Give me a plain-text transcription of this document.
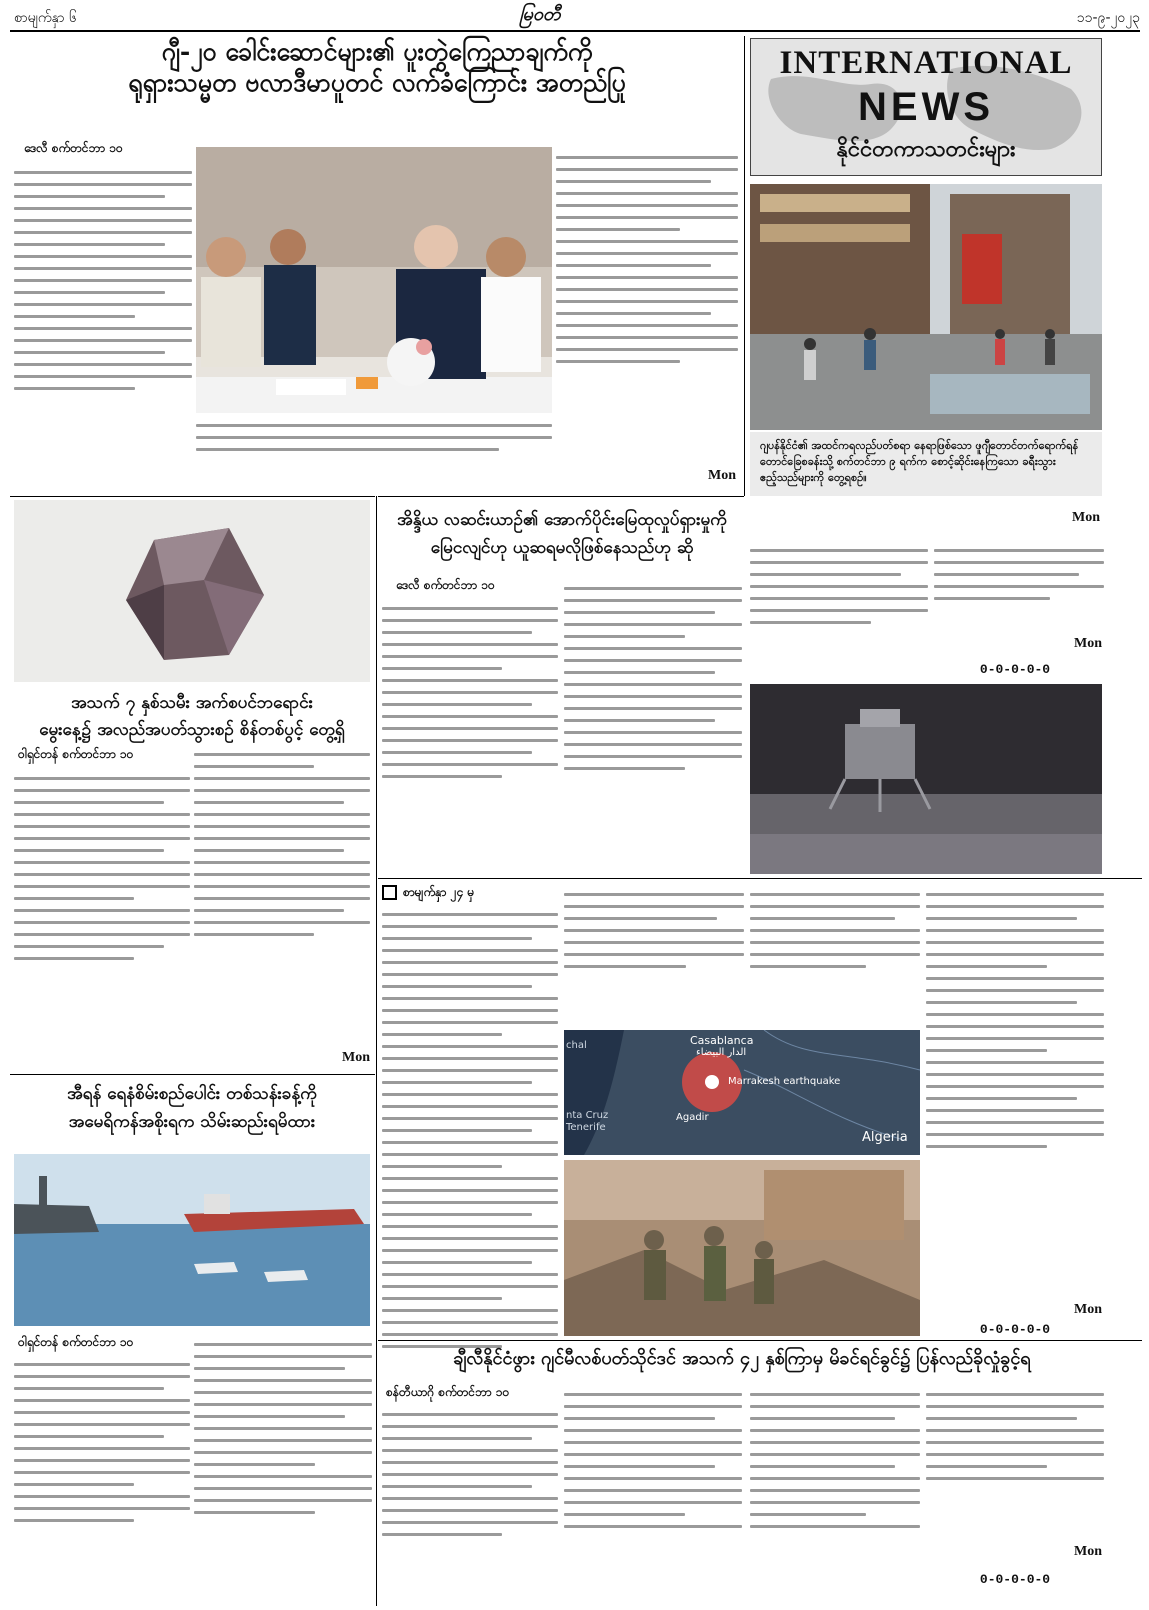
စာမျက်နှာ ၆	မြဝတီ	၁၁-၉-၂၀၂၃
ဂျီ-၂၀ ခေါင်းဆောင်များ၏ ပူးတွဲကြေညာချက်ကို
ရုရှားသမ္မတ ဗလာဒီမာပူတင် လက်ခံကြောင်း အတည်ပြု
ဒေလီ စက်တင်ဘာ ၁၀
Mon
INTERNATIONAL
NEWS
နိုင်ငံတကာသတင်းများ
ဂျပန်နိုင်ငံ၏ အထင်ကရလည်ပတ်စရာ နေရာဖြစ်သော ဖူဂျီတောင်တက်ရောက်ရန် တောင်ခြေစခန်းသို့ စက်တင်ဘာ ၉ ရက်က စောင့်ဆိုင်းနေကြသော ခရီးသွားဧည့်သည်များကို တွေ့ရစဉ်။
Mon
အသက် ၇ နှစ်သမီး အက်စပင်ဘရောင်း
မွေးနေ့၌ အလည်အပတ်သွားစဉ် စိန်တစ်ပွင့် တွေ့ရှိ
ဝါရှင်တန် စက်တင်ဘာ ၁၀
Mon
အိန္ဒိယ လဆင်းယာဉ်၏ အောက်ပိုင်းမြေထုလှုပ်ရှားမှုကို
မြေငလျင်ဟု ယူဆရမလိုဖြစ်နေသည်ဟု ဆို
ဒေလီ စက်တင်ဘာ ၁၀
Mon
0-0-0-0-0
အီရန် ရေနံစိမ်းစည်ပေါင်း တစ်သန်းခန့်ကို
အမေရိကန်အစိုးရက သိမ်းဆည်းရမိထား
ဝါရှင်တန် စက်တင်ဘာ ၁၀
စာမျက်နှာ ၂၄ မှ
Casablanca
الدار البيضاء
Marrakesh earthquake
Agadir
Algeria
chal
nta Cruz
Tenerife
Mon
0-0-0-0-0
ချီလီနိုင်ငံဖွား ဂျင်မီလစ်ပတ်သိုင်ဒင် အသက် ၄၂ နှစ်ကြာမှ မိခင်ရင်ခွင်၌ ပြန်လည်ခိုလှုံခွင့်ရ
စန်တီယာဂို စက်တင်ဘာ ၁၀
Mon
0-0-0-0-0
